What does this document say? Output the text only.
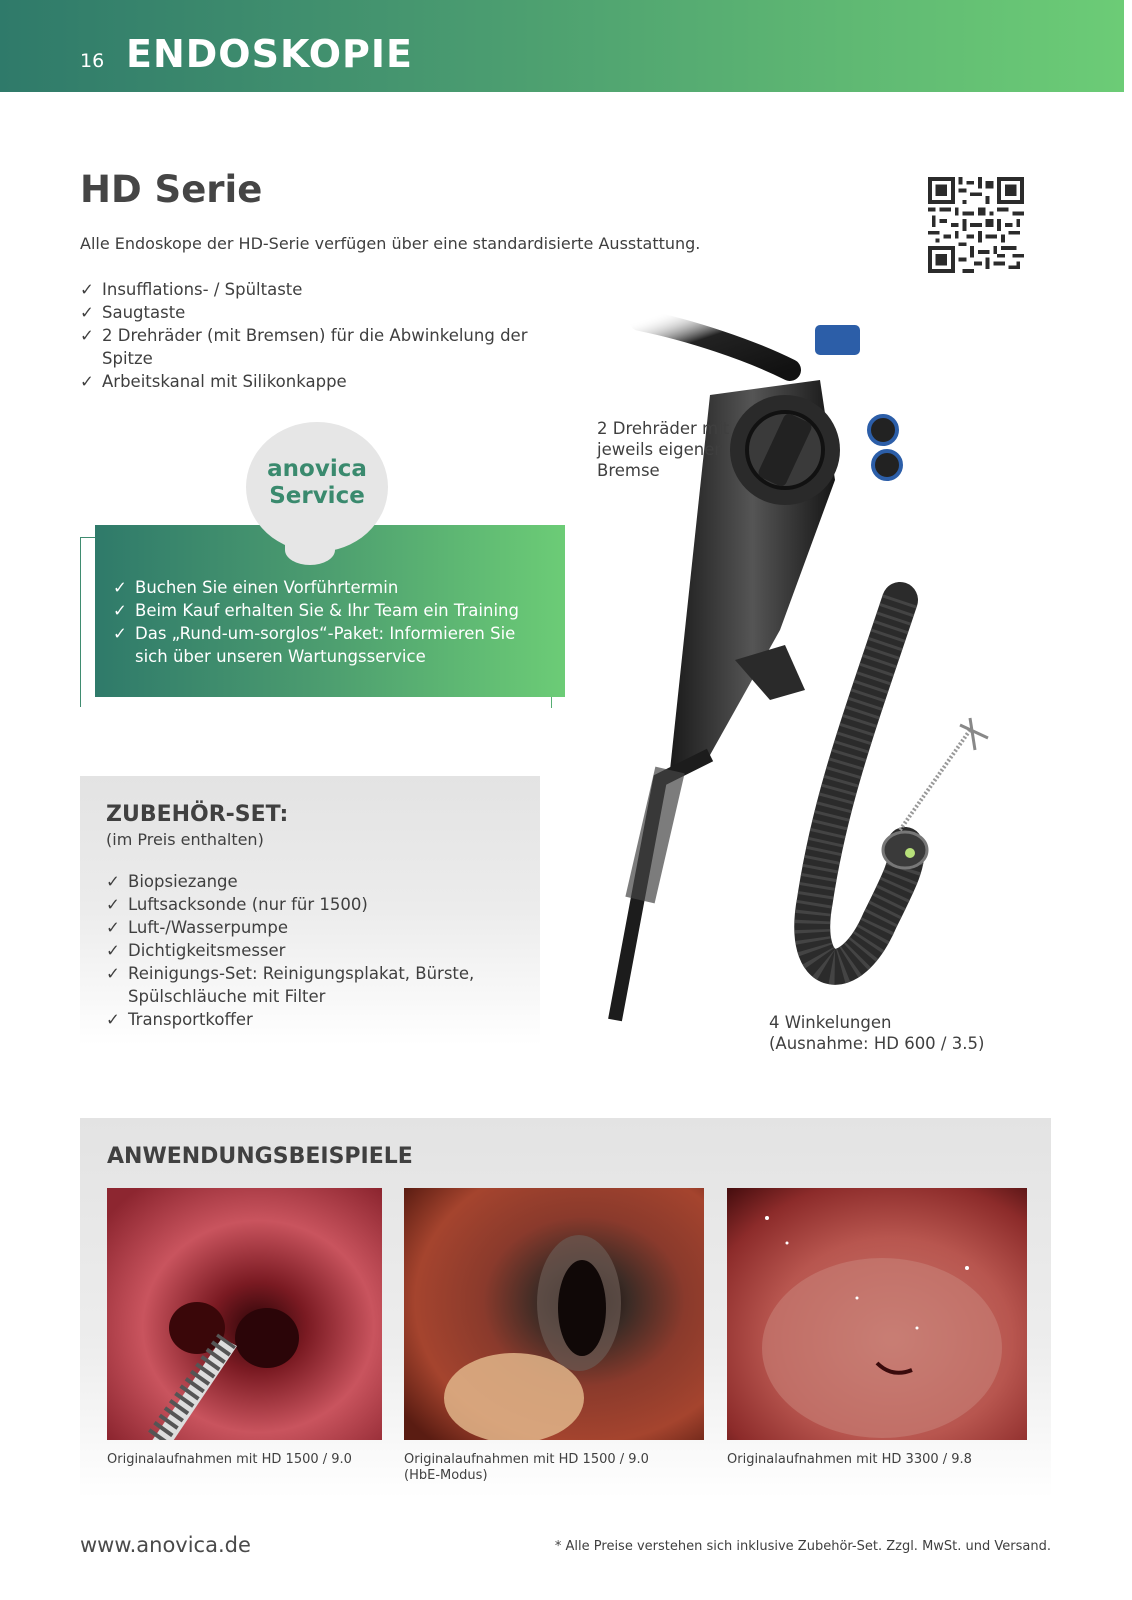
16 ENDOSKOPIE
HD Serie

Alle Endoskope der HD-Serie verfügen über eine standardisierte Ausstattung.

✓ Insufflations- / Spültaste
✓ Saugtaste
✓ 2 Drehräder (mit Bremsen) für die Abwinkelung der Spitze
✓ Arbeitskanal mit Silikonkappe
anovica
Service
✓ Buchen Sie einen Vorführtermin
✓ Beim Kauf erhalten Sie & Ihr Team ein Training
✓ Das „Rund-um-sorglos“-Paket: Informieren Sie sich über unseren Wartungsservice
2 Drehräder mit jeweils eigener Bremse
4 Winkelungen
(Ausnahme: HD 600 / 3.5)
ZUBEHÖR-SET:
(im Preis enthalten)
✓ Biopsiezange
✓ Luftsacksonde (nur für 1500)
✓ Luft-/Wasserpumpe
✓ Dichtigkeitsmesser
✓ Reinigungs-Set: Reinigungsplakat, Bürste, Spülschläuche mit Filter
✓ Transportkoffer
ANWENDUNGSBEISPIELE
Originalaufnahmen mit HD 1500 / 9.0	Originalaufnahmen mit HD 1500 / 9.0
(HbE-Modus)
Originalaufnahmen mit HD 3300 / 9.8
www.anovica.de	* Alle Preise verstehen sich inklusive Zubehör-Set. Zzgl. MwSt. und Versand.
